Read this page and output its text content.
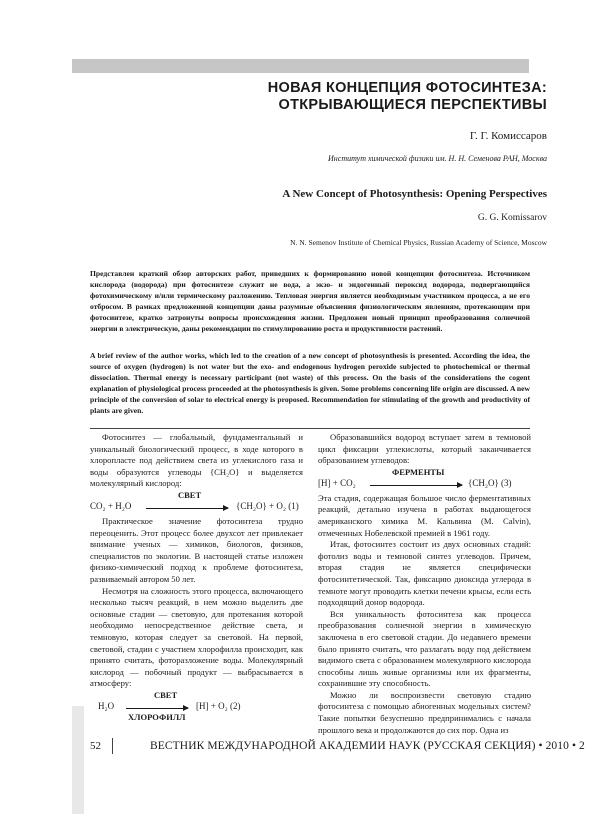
НОВАЯ КОНЦЕПЦИЯ ФОТОСИНТЕЗА:
ОТКРЫВАЮЩИЕСЯ ПЕРСПЕКТИВЫ
Г. Г. Комиссаров
Институт химической физики им. Н. Н. Семенова РАН, Москва
A New Concept of Photosynthesis: Opening Perspectives
G. G. Komissarov
N. N. Semenov Institute of Chemical Physics, Russian Academy of Science, Moscow
Представлен краткий обзор авторских работ, приведших к формированию новой концепции фотосинтеза. Источником кислорода (водорода) при фотосинтезе служит не вода, а экзо- и эндогенный пероксид водорода, подвергающийся фотохимическому и/или термическому разложению. Тепловая энергия является необходимым участником процесса, а не его отбросом. В рамках предложенной концепции даны разумные объяснения физиологическим явлениям, протекающим при фотосинтезе, кратко затронуты вопросы происхождения жизни. Предложен новый принцип преобразования солнечной энергии в электрическую, даны рекомендации по стимулированию роста и продуктивности растений.
A brief review of the author works, which led to the creation of a new concept of photosynthesis is presented. According the idea, the source of oxygen (hydrogen) is not water but the exo- and endogenous hydrogen peroxide subjected to photochemical or thermal dissociation. Thermal energy is necessary participant (not waste) of this process. On the basis of the considerations the cogent explanation of physiological process proceeded at the photosynthesis is given. Some problems concerning life origin are discussed. A new principle of the conversion of solar to electrical energy is proposed. Recommendation for stimulating of the growth and productivity of plants are given.

Фотосинтез — глобальный, фундаментальный и уникальный биологический процесс, в ходе которого в хлоропласте под действием света из углекислого газа и воды образуются углеводы {CH₂O} и выделяется молекулярный кислород:

CO₂ + H₂O
СВЕТ
{CH₂O} + O₂ (1)

Практическое значение фотосинтеза трудно переоценить. Этот процесс более двухсот лет привлекает внимание ученых — химиков, биологов, физиков, специалистов по экологии. В настоящей статье изложен физико-химический подход к проблеме фотосинтеза, развиваемый автором 50 лет.

Несмотря на сложность этого процесса, включающего несколько тысяч реакций, в нем можно выделить две основные стадии — световую, для протекания которой необходимо непосредственное действие света, и темновую, которая следует за световой. На первой, световой, стадии с участием хлорофилла происходит, как принято считать, фоторазложение воды. Молекулярный кислород — побочный продукт — выбрасывается в атмосферу:

H₂O
СВЕТ
ХЛОРОФИЛЛ
[H] + O₂ (2)

Образовавшийся водород вступает затем в темновой цикл фиксации углекислоты, который заканчивается образованием углеводов:

[H] + CO₂
ФЕРМЕНТЫ
{CH₂O} (3)

Эта стадия, содержащая большое число ферментативных реакций, детально изучена в работах выдающегося американского химика М. Кальвина (M. Calvin), отмеченных Нобелевской премией в 1961 году.

Итак, фотосинтез состоит из двух основных стадий: фотолиз воды и темновой синтез углеводов. Причем, вторая стадия не является специфически фотосинтетической. Так, фиксацию диоксида углерода в темноте могут проводить клетки печени крысы, если есть подходящий донор водорода.

Вся уникальность фотосинтеза как процесса преобразования солнечной энергии в химическую заключена в его световой стадии. До недавнего времени было принято считать, что разлагать воду под действием видимого света с образованием молекулярного кислорода способны лишь живые организмы или их фрагменты, сохранившие эту способность.

Можно ли воспроизвести световую стадию фотосинтеза с помощью абиогенных модельных систем? Такие попытки безуспешно предпринимались с начала прошлого века и продолжаются до сих пор. Одна из

52	ВЕСТНИК МЕЖДУНАРОДНОЙ АКАДЕМИИ НАУК (РУССКАЯ СЕКЦИЯ) • 2010 • 2
